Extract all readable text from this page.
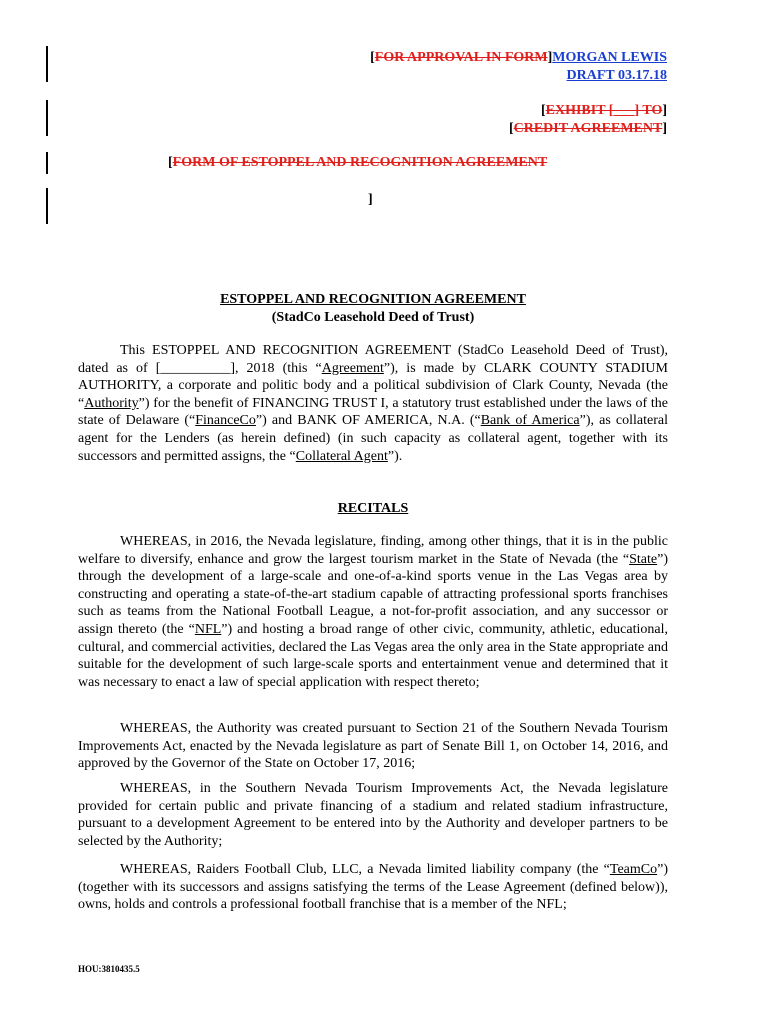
[FOR APPROVAL IN FORM]MORGAN LEWIS
DRAFT 03.17.18
[EXHIBIT [___] TO]
[CREDIT AGREEMENT]
[FORM OF ESTOPPEL AND RECOGNITION AGREEMENT
]
ESTOPPEL AND RECOGNITION AGREEMENT
(StadCo Leasehold Deed of Trust)

This ESTOPPEL AND RECOGNITION AGREEMENT (StadCo Leasehold Deed of Trust), dated as of [__________], 2018 (this “Agreement”), is made by CLARK COUNTY STADIUM AUTHORITY, a corporate and politic body and a political subdivision of Clark County, Nevada (the “Authority”) for the benefit of FINANCING TRUST I, a statutory trust established under the laws of the state of Delaware (“FinanceCo”) and BANK OF AMERICA, N.A. (“Bank of America”), as collateral agent for the Lenders (as herein defined) (in such capacity as collateral agent, together with its successors and permitted assigns, the “Collateral Agent”).

RECITALS

WHEREAS, in 2016, the Nevada legislature, finding, among other things, that it is in the public welfare to diversify, enhance and grow the largest tourism market in the State of Nevada (the “State”) through the development of a large-scale and one-of-a-kind sports venue in the Las Vegas area by constructing and operating a state-of-the-art stadium capable of attracting professional sports franchises such as teams from the National Football League, a not-for-profit association, and any successor or assign thereto (the “NFL”) and hosting a broad range of other civic, community, athletic, educational, cultural, and commercial activities, declared the Las Vegas area the only area in the State appropriate and suitable for the development of such large-scale sports and entertainment venue and determined that it was necessary to enact a law of special application with respect thereto;

WHEREAS, the Authority was created pursuant to Section 21 of the Southern Nevada Tourism Improvements Act, enacted by the Nevada legislature as part of Senate Bill 1, on October 14, 2016, and approved by the Governor of the State on October 17, 2016;

WHEREAS, in the Southern Nevada Tourism Improvements Act, the Nevada legislature provided for certain public and private financing of a stadium and related stadium infrastructure, pursuant to a development Agreement to be entered into by the Authority and developer partners to be selected by the Authority;

WHEREAS, Raiders Football Club, LLC, a Nevada limited liability company (the “TeamCo”) (together with its successors and assigns satisfying the terms of the Lease Agreement (defined below)), owns, holds and controls a professional football franchise that is a member of the NFL;

HOU:3810435.5
